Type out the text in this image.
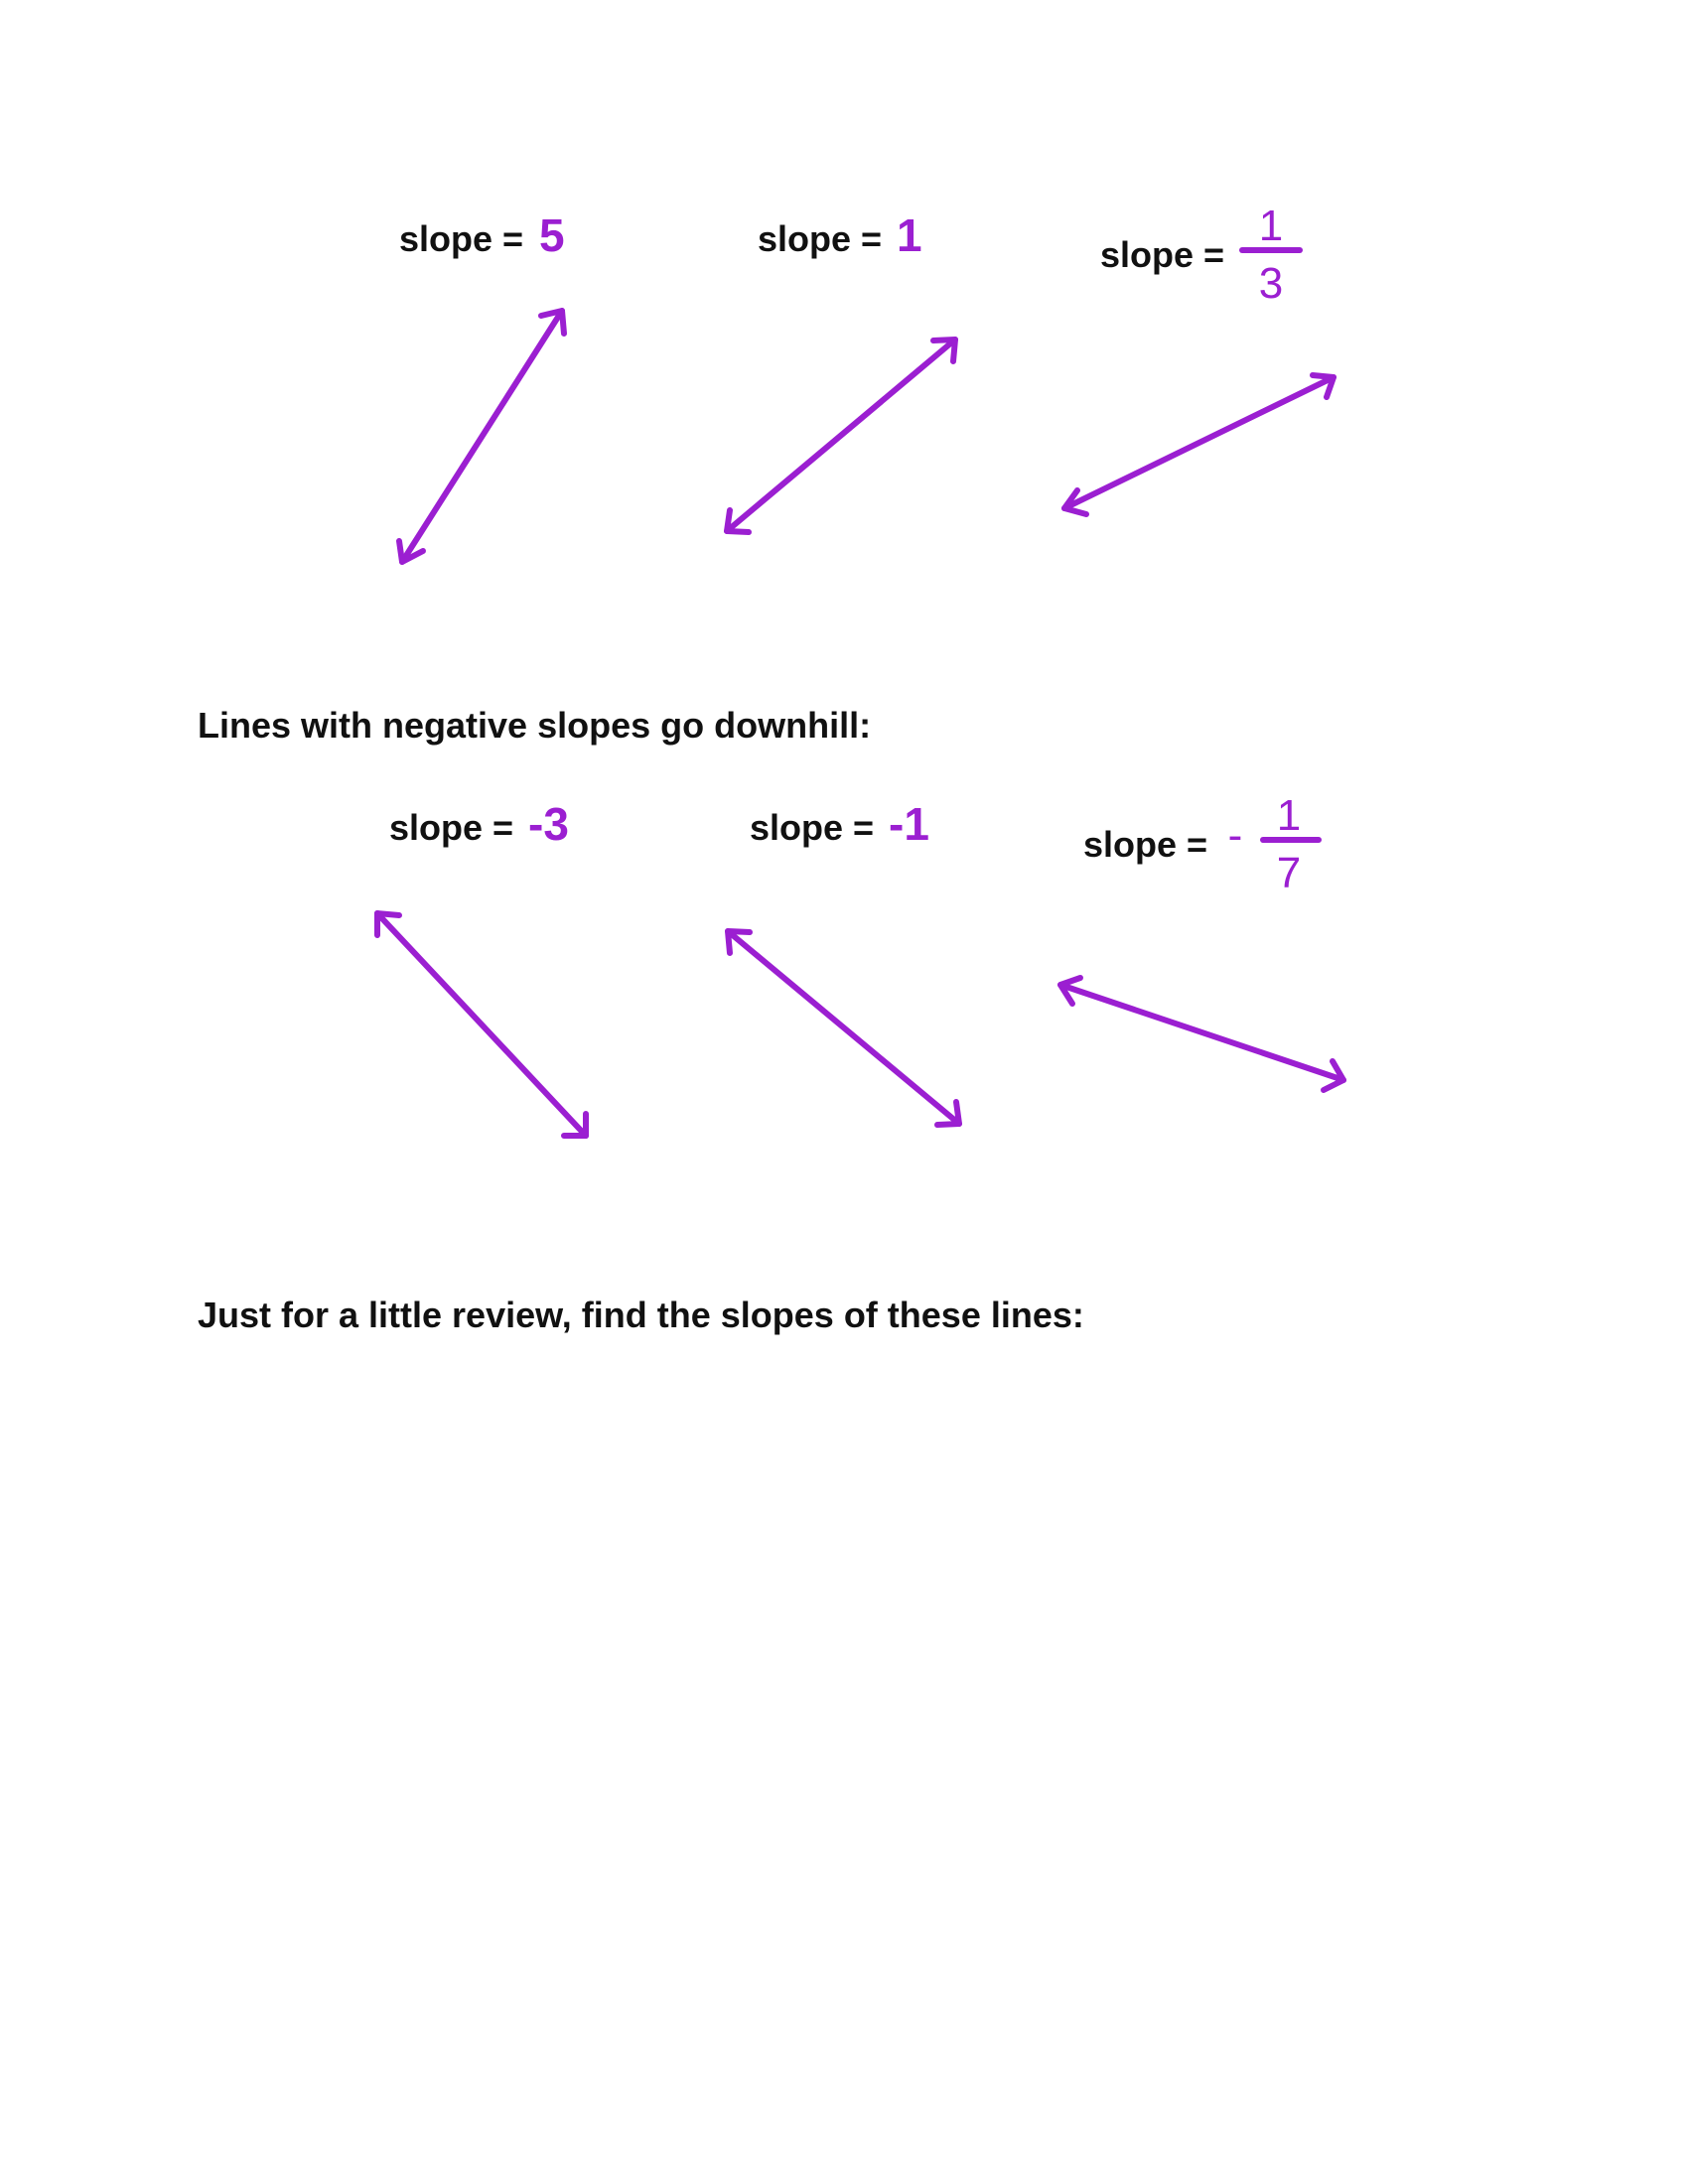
slope = 5	slope = 1	slope =
1
3
Lines with negative slopes go downhill:
slope = -3	slope = -1	slope = - 1
7
Just for a little review, find the slopes of these lines:
